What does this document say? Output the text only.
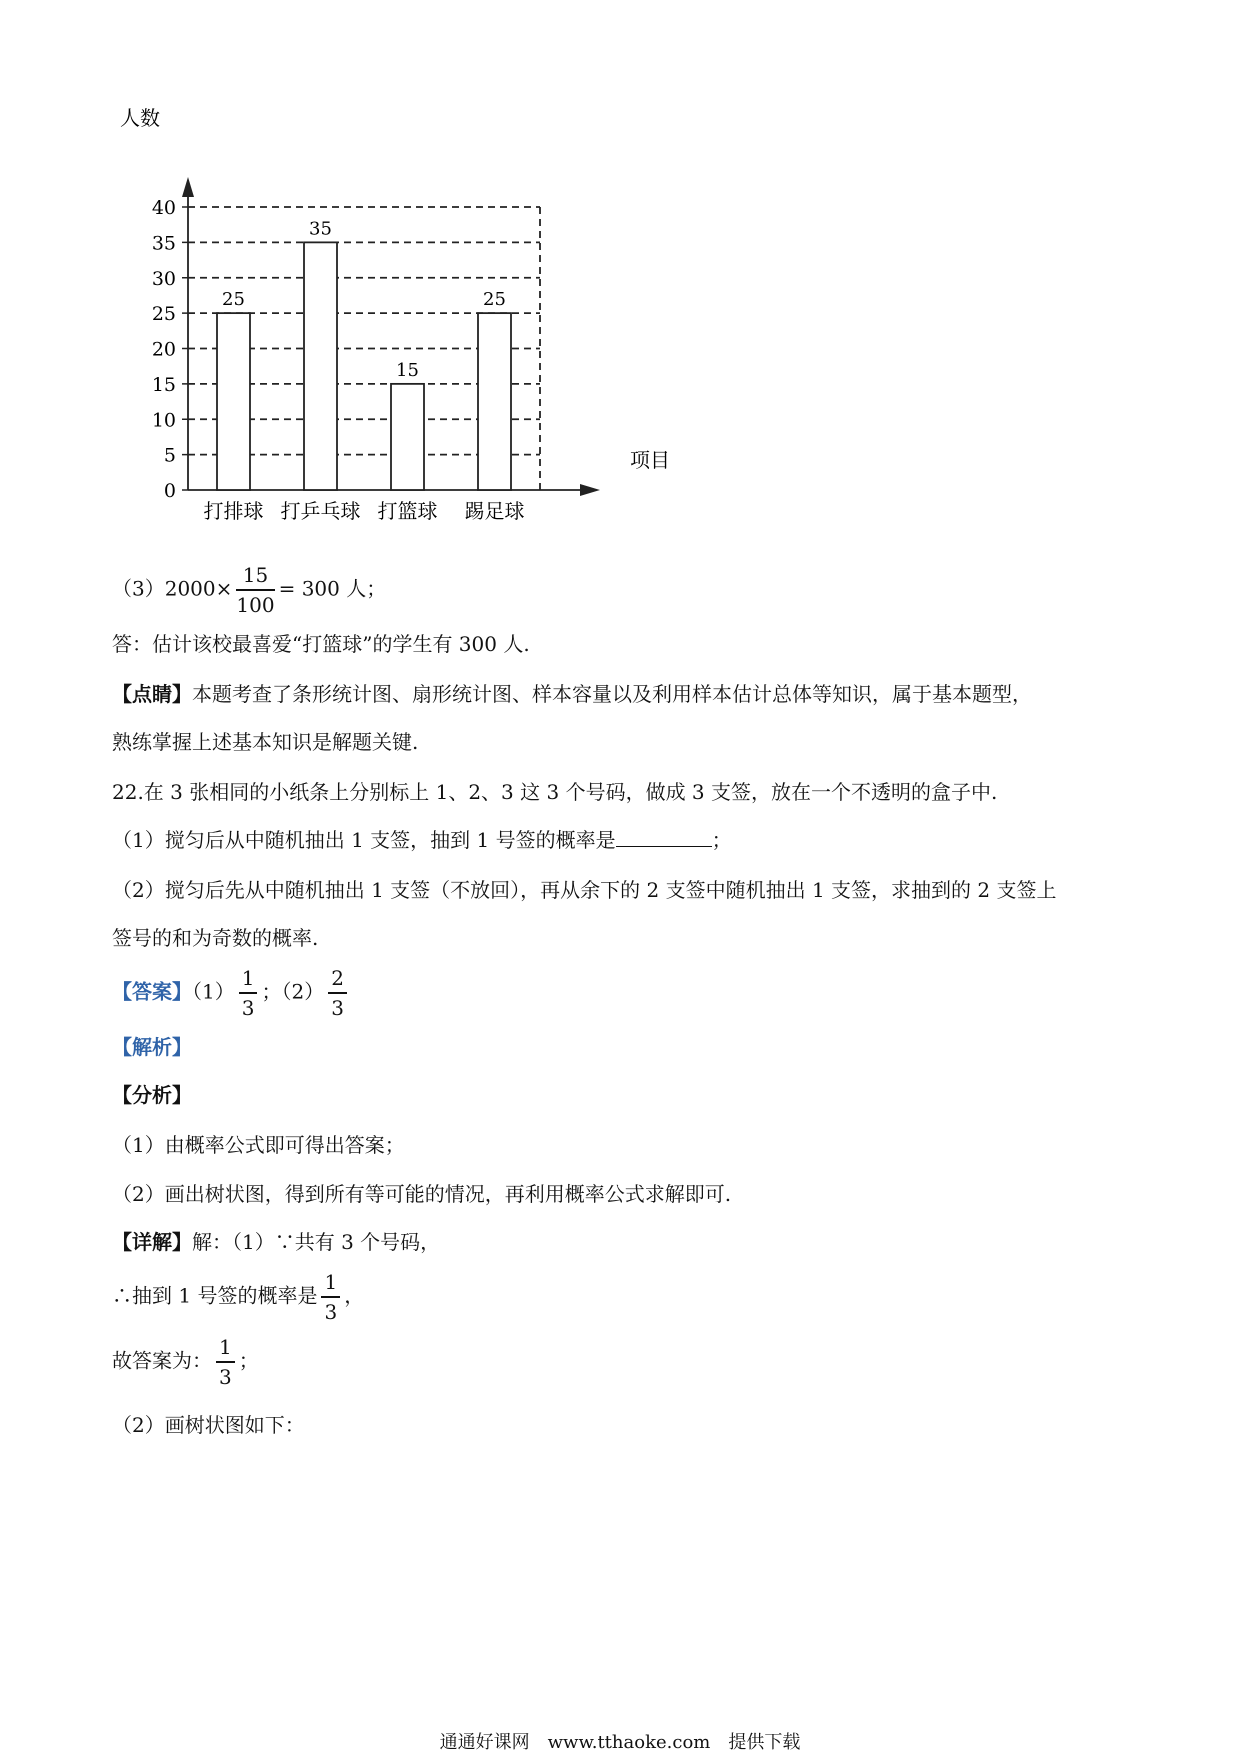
人数
项目
0
5
10
15
20
25
30
35
40
25
打排球
35
打乒乓球
15
打篮球
25
踢足球
$(3)2000\times \frac{15}{100} = 300$ 人；
答：估计该校最喜爱“打篮球”的学生有 300 人.
【点睛】本题考查了条形统计图、扇形统计图、样本容量以及利用样本估计总体等知识，属于基本题型，
熟练掌握上述基本知识是解题关键.
22.在 3 张相同的小纸条上分别标上 1、2、3 这 3 个号码，做成 3 支签，放在一个不透明的盒子中.
（1）搅匀后从中随机抽出 1 支签，抽到 1 号签的概率是	；
（2）搅匀后先从中随机抽出 1 支签（不放回），再从余下的 2 支签中随机抽出 1 支签，求抽到的 2 支签上
签号的和为奇数的概率.
【答案】$(1) \frac{1}{3}$ ；$(2) \frac{2}{3}$
【解析】
【分析】
（1）由概率公式即可得出答案；
（2）画出树状图，得到所有等可能的情况，再利用概率公式求解即可.
【详解】解：（1）∵共有 3 个号码，
∴抽到 1 号签的概率是 $\frac{1}{3}$ ，
故答案为： $\frac{1}{3}$ ；
（2）画树状图如下：
通通好课网　www.tthaoke.com　提供下载
